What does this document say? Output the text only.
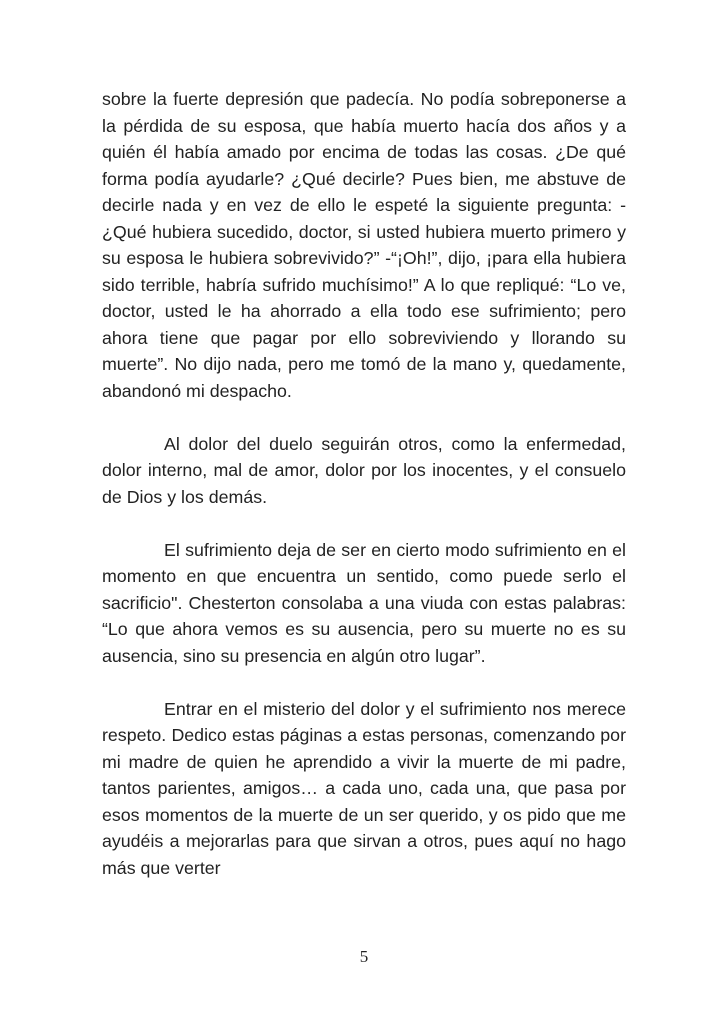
sobre la fuerte depresión que padecía. No podía sobreponerse a la pérdida de su esposa, que había muerto hacía dos años y a quién él había amado por encima de todas las cosas. ¿De qué forma podía ayudarle? ¿Qué decirle? Pues bien, me abstuve de decirle nada y en vez de ello le espeté la siguiente pregunta: -¿Qué hubiera sucedido, doctor, si usted hubiera muerto primero y su esposa le hubiera sobrevivido?” -“¡Oh!”, dijo, ¡para ella hubiera sido terrible, habría sufrido muchísimo!” A lo que repliqué: “Lo ve, doctor, usted le ha ahorrado a ella todo ese sufrimiento; pero ahora tiene que pagar por ello sobreviviendo y llorando su muerte”. No dijo nada, pero me tomó de la mano y, quedamente, abandonó mi despacho.

Al dolor del duelo seguirán otros, como la enfermedad, dolor interno, mal de amor, dolor por los inocentes, y el consuelo de Dios y los demás.

El sufrimiento deja de ser en cierto modo sufrimiento en el momento en que encuentra un sentido, como puede serlo el sacrificio". Chesterton consolaba a una viuda con estas palabras: “Lo que ahora vemos es su ausencia, pero su muerte no es su ausencia, sino su presencia en algún otro lugar”.

Entrar en el misterio del dolor y el sufrimiento nos merece respeto. Dedico estas páginas a estas personas, comenzando por mi madre de quien he aprendido a vivir la muerte de mi padre, tantos parientes, amigos… a cada uno, cada una, que pasa por esos momentos de la muerte de un ser querido, y os pido que me ayudéis a mejorarlas para que sirvan a otros, pues aquí no hago más que verter

5
